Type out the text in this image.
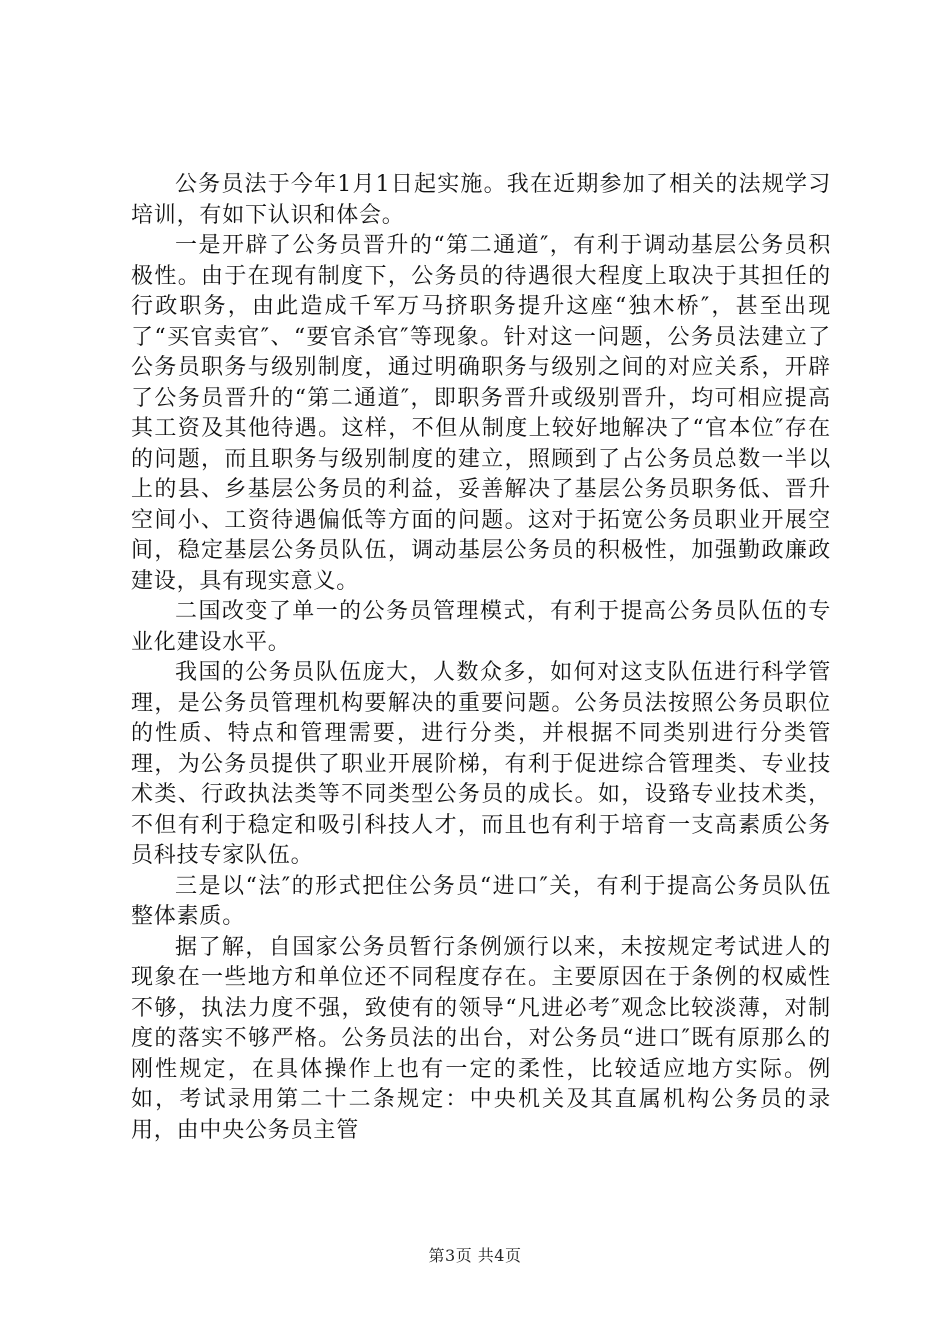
公务员法于今年1月1日起实施。我在近期参加了相关的法规学习培训，有如下认识和体会。

一是开辟了公务员晋升的“第二通道″，有利于调动基层公务员积极性。由于在现有制度下，公务员的待遇很大程度上取决于其担任的行政职务，由此造成千军万马挤职务提升这座“独木桥″，甚至出现了“买官卖官″、“要官杀官″等现象。针对这一问题，公务员法建立了公务员职务与级别制度，通过明确职务与级别之间的对应关系，开辟了公务员晋升的“第二通道″，即职务晋升或级别晋升，均可相应提高其工资及其他待遇。这样，不但从制度上较好地解决了“官本位″存在的问题，而且职务与级别制度的建立，照顾到了占公务员总数一半以上的县、乡基层公务员的利益，妥善解决了基层公务员职务低、晋升空间小、工资待遇偏低等方面的问题。这对于拓宽公务员职业开展空间，稳定基层公务员队伍，调动基层公务员的积极性，加强勤政廉政建设，具有现实意义。

二国改变了单一的公务员管理模式，有利于提高公务员队伍的专业化建设水平。

我国的公务员队伍庞大，人数众多，如何对这支队伍进行科学管理，是公务员管理机构要解决的重要问题。公务员法按照公务员职位的性质、特点和管理需要，进行分类，并根据不同类别进行分类管理，为公务员提供了职业开展阶梯，有利于促进综合管理类、专业技术类、行政执法类等不同类型公务员的成长。如，设臵专业技术类，不但有利于稳定和吸引科技人才，而且也有利于培育一支高素质公务员科技专家队伍。

三是以“法″的形式把住公务员“进口″关，有利于提高公务员队伍整体素质。

据了解，自国家公务员暂行条例颁行以来，未按规定考试进人的现象在一些地方和单位还不同程度存在。主要原因在于条例的权威性不够，执法力度不强，致使有的领导“凡进必考″观念比较淡薄，对制度的落实不够严格。公务员法的出台，对公务员“进口″既有原那么的刚性规定，在具体操作上也有一定的柔性，比较适应地方实际。例如，考试录用第二十二条规定：中央机关及其直属机构公务员的录用，由中央公务员主管

第3页 共4页
